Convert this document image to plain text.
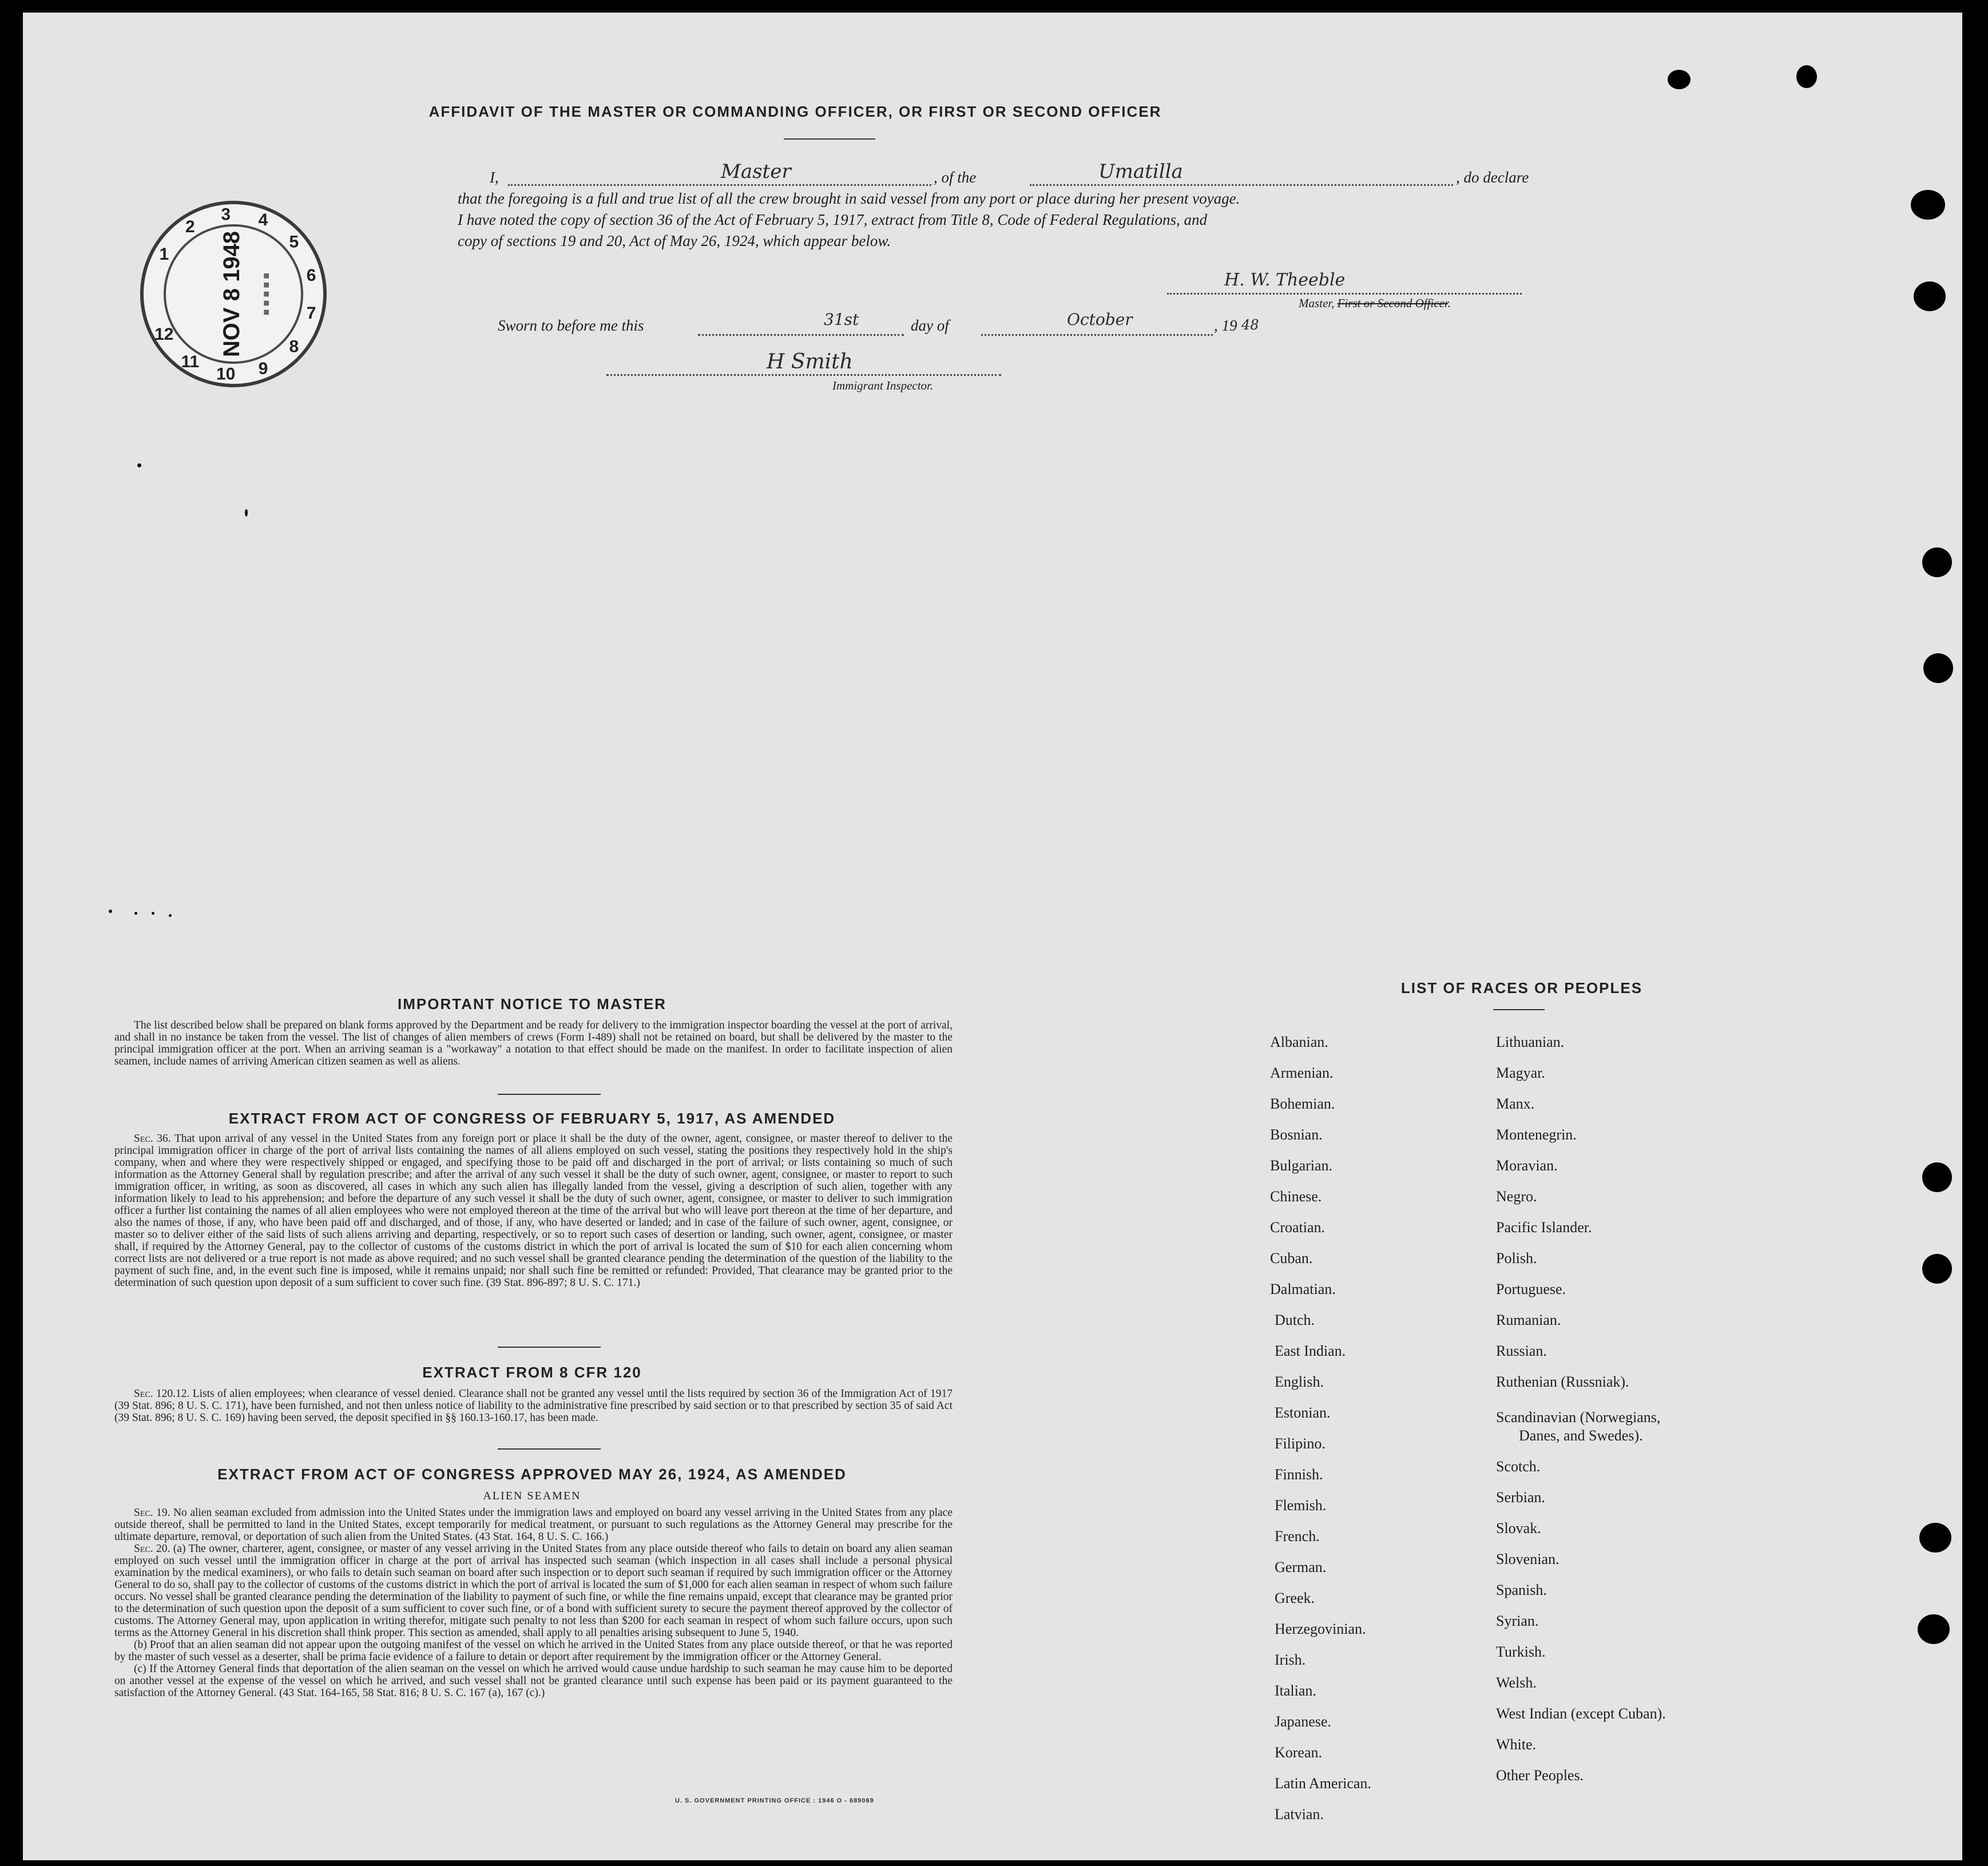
AFFIDAVIT OF THE MASTER OR COMMANDING OFFICER, OR FIRST OR SECOND OFFICER
I,	Master	, of the	Umatilla	, do declare
that the foregoing is a full and true list of all the crew brought in said vessel from any port or place during her present voyage.
I have noted the copy of section 36 of the Act of February 5, 1917, extract from Title 8, Code of Federal Regulations, and
copy of sections 19 and 20, Act of May 26, 1924, which appear below.
H. W. Theeble
Master, First or Second Officer.
Sworn to before me this	31st	day of	October	, 19 48
H Smith
Immigrant Inspector.
1
2
3 4
5
6
7
8
9
10
11
12 NOV 8 1948 ■ ■ ■ ■ ■
IMPORTANT NOTICE TO MASTER

The list described below shall be prepared on blank forms approved by the Department and be ready for delivery to the immigration inspector boarding the vessel at the port of arrival, and shall in no instance be taken from the vessel. The list of changes of alien members of crews (Form I-489) shall not be retained on board, but shall be delivered by the master to the principal immigration officer at the port. When an arriving seaman is a "workaway" a notation to that effect should be made on the manifest. In order to facilitate inspection of alien seamen, include names of arriving American citizen seamen as well as aliens.

EXTRACT FROM ACT OF CONGRESS OF FEBRUARY 5, 1917, AS AMENDED

Sec. 36. That upon arrival of any vessel in the United States from any foreign port or place it shall be the duty of the owner, agent, consignee, or master thereof to deliver to the principal immigration officer in charge of the port of arrival lists containing the names of all aliens employed on such vessel, stating the positions they respectively hold in the ship's company, when and where they were respectively shipped or engaged, and specifying those to be paid off and discharged in the port of arrival; or lists containing so much of such information as the Attorney General shall by regulation prescribe; and after the arrival of any such vessel it shall be the duty of such owner, agent, consignee, or master to report to such immigration officer, in writing, as soon as discovered, all cases in which any such alien has illegally landed from the vessel, giving a description of such alien, together with any information likely to lead to his apprehension; and before the departure of any such vessel it shall be the duty of such owner, agent, consignee, or master to deliver to such immigration officer a further list containing the names of all alien employees who were not employed thereon at the time of the arrival but who will leave port thereon at the time of her departure, and also the names of those, if any, who have been paid off and discharged, and of those, if any, who have deserted or landed; and in case of the failure of such owner, agent, consignee, or master so to deliver either of the said lists of such aliens arriving and departing, respectively, or so to report such cases of desertion or landing, such owner, agent, consignee, or master shall, if required by the Attorney General, pay to the collector of customs of the customs district in which the port of arrival is located the sum of $10 for each alien concerning whom correct lists are not delivered or a true report is not made as above required; and no such vessel shall be granted clearance pending the determination of the question of the liability to the payment of such fine, and, in the event such fine is imposed, while it remains unpaid; nor shall such fine be remitted or refunded: Provided, That clearance may be granted prior to the determination of such question upon deposit of a sum sufficient to cover such fine. (39 Stat. 896-897; 8 U. S. C. 171.)

EXTRACT FROM 8 CFR 120

Sec. 120.12. Lists of alien employees; when clearance of vessel denied. Clearance shall not be granted any vessel until the lists required by section 36 of the Immigration Act of 1917 (39 Stat. 896; 8 U. S. C. 171), have been furnished, and not then unless notice of liability to the administrative fine prescribed by said section or to that prescribed by section 35 of said Act (39 Stat. 896; 8 U. S. C. 169) having been served, the deposit specified in §§ 160.13-160.17, has been made.

EXTRACT FROM ACT OF CONGRESS APPROVED MAY 26, 1924, AS AMENDED
ALIEN SEAMEN

Sec. 19. No alien seaman excluded from admission into the United States under the immigration laws and employed on board any vessel arriving in the United States from any place outside thereof, shall be permitted to land in the United States, except temporarily for medical treatment, or pursuant to such regulations as the Attorney General may prescribe for the ultimate departure, removal, or deportation of such alien from the United States. (43 Stat. 164, 8 U. S. C. 166.)

Sec. 20. (a) The owner, charterer, agent, consignee, or master of any vessel arriving in the United States from any place outside thereof who fails to detain on board any alien seaman employed on such vessel until the immigration officer in charge at the port of arrival has inspected such seaman (which inspection in all cases shall include a personal physical examination by the medical examiners), or who fails to detain such seaman on board after such inspection or to deport such seaman if required by such immigration officer or the Attorney General to do so, shall pay to the collector of customs of the customs district in which the port of arrival is located the sum of $1,000 for each alien seaman in respect of whom such failure occurs. No vessel shall be granted clearance pending the determination of the liability to payment of such fine, or while the fine remains unpaid, except that clearance may be granted prior to the determination of such question upon the deposit of a sum sufficient to cover such fine, or of a bond with sufficient surety to secure the payment thereof approved by the collector of customs. The Attorney General may, upon application in writing therefor, mitigate such penalty to not less than $200 for each seaman in respect of whom such failure occurs, upon such terms as the Attorney General in his discretion shall think proper. This section as amended, shall apply to all penalties arising subsequent to June 5, 1940.

(b) Proof that an alien seaman did not appear upon the outgoing manifest of the vessel on which he arrived in the United States from any place outside thereof, or that he was reported by the master of such vessel as a deserter, shall be prima facie evidence of a failure to detain or deport after requirement by the immigration officer or the Attorney General.

(c) If the Attorney General finds that deportation of the alien seaman on the vessel on which he arrived would cause undue hardship to such seaman he may cause him to be deported on another vessel at the expense of the vessel on which he arrived, and such vessel shall not be granted clearance until such expense has been paid or its payment guaranteed to the satisfaction of the Attorney General. (43 Stat. 164-165, 58 Stat. 816; 8 U. S. C. 167 (a), 167 (c).)

U. S. GOVERNMENT PRINTING OFFICE : 1946 O - 689069
LIST OF RACES OR PEOPLES
Albanian.
Armenian.
Bohemian.
Bosnian.
Bulgarian.
Chinese.
Croatian.
Cuban.
Dalmatian.
Dutch.
East Indian.
English.
Estonian.
Filipino.
Finnish.
Flemish.
French.
German.
Greek.
Herzegovinian.
Irish.
Italian.
Japanese.
Korean.
Latin American.
Latvian.
Lithuanian.
Magyar.
Manx.
Montenegrin.
Moravian.
Negro.
Pacific Islander.
Polish.
Portuguese.
Rumanian.
Russian.
Ruthenian (Russniak).
Scandinavian (Norwegians,
Danes, and Swedes).
Scotch.
Serbian.
Slovak.
Slovenian.
Spanish.
Syrian.
Turkish.
Welsh.
West Indian (except Cuban).
White.
Other Peoples.
